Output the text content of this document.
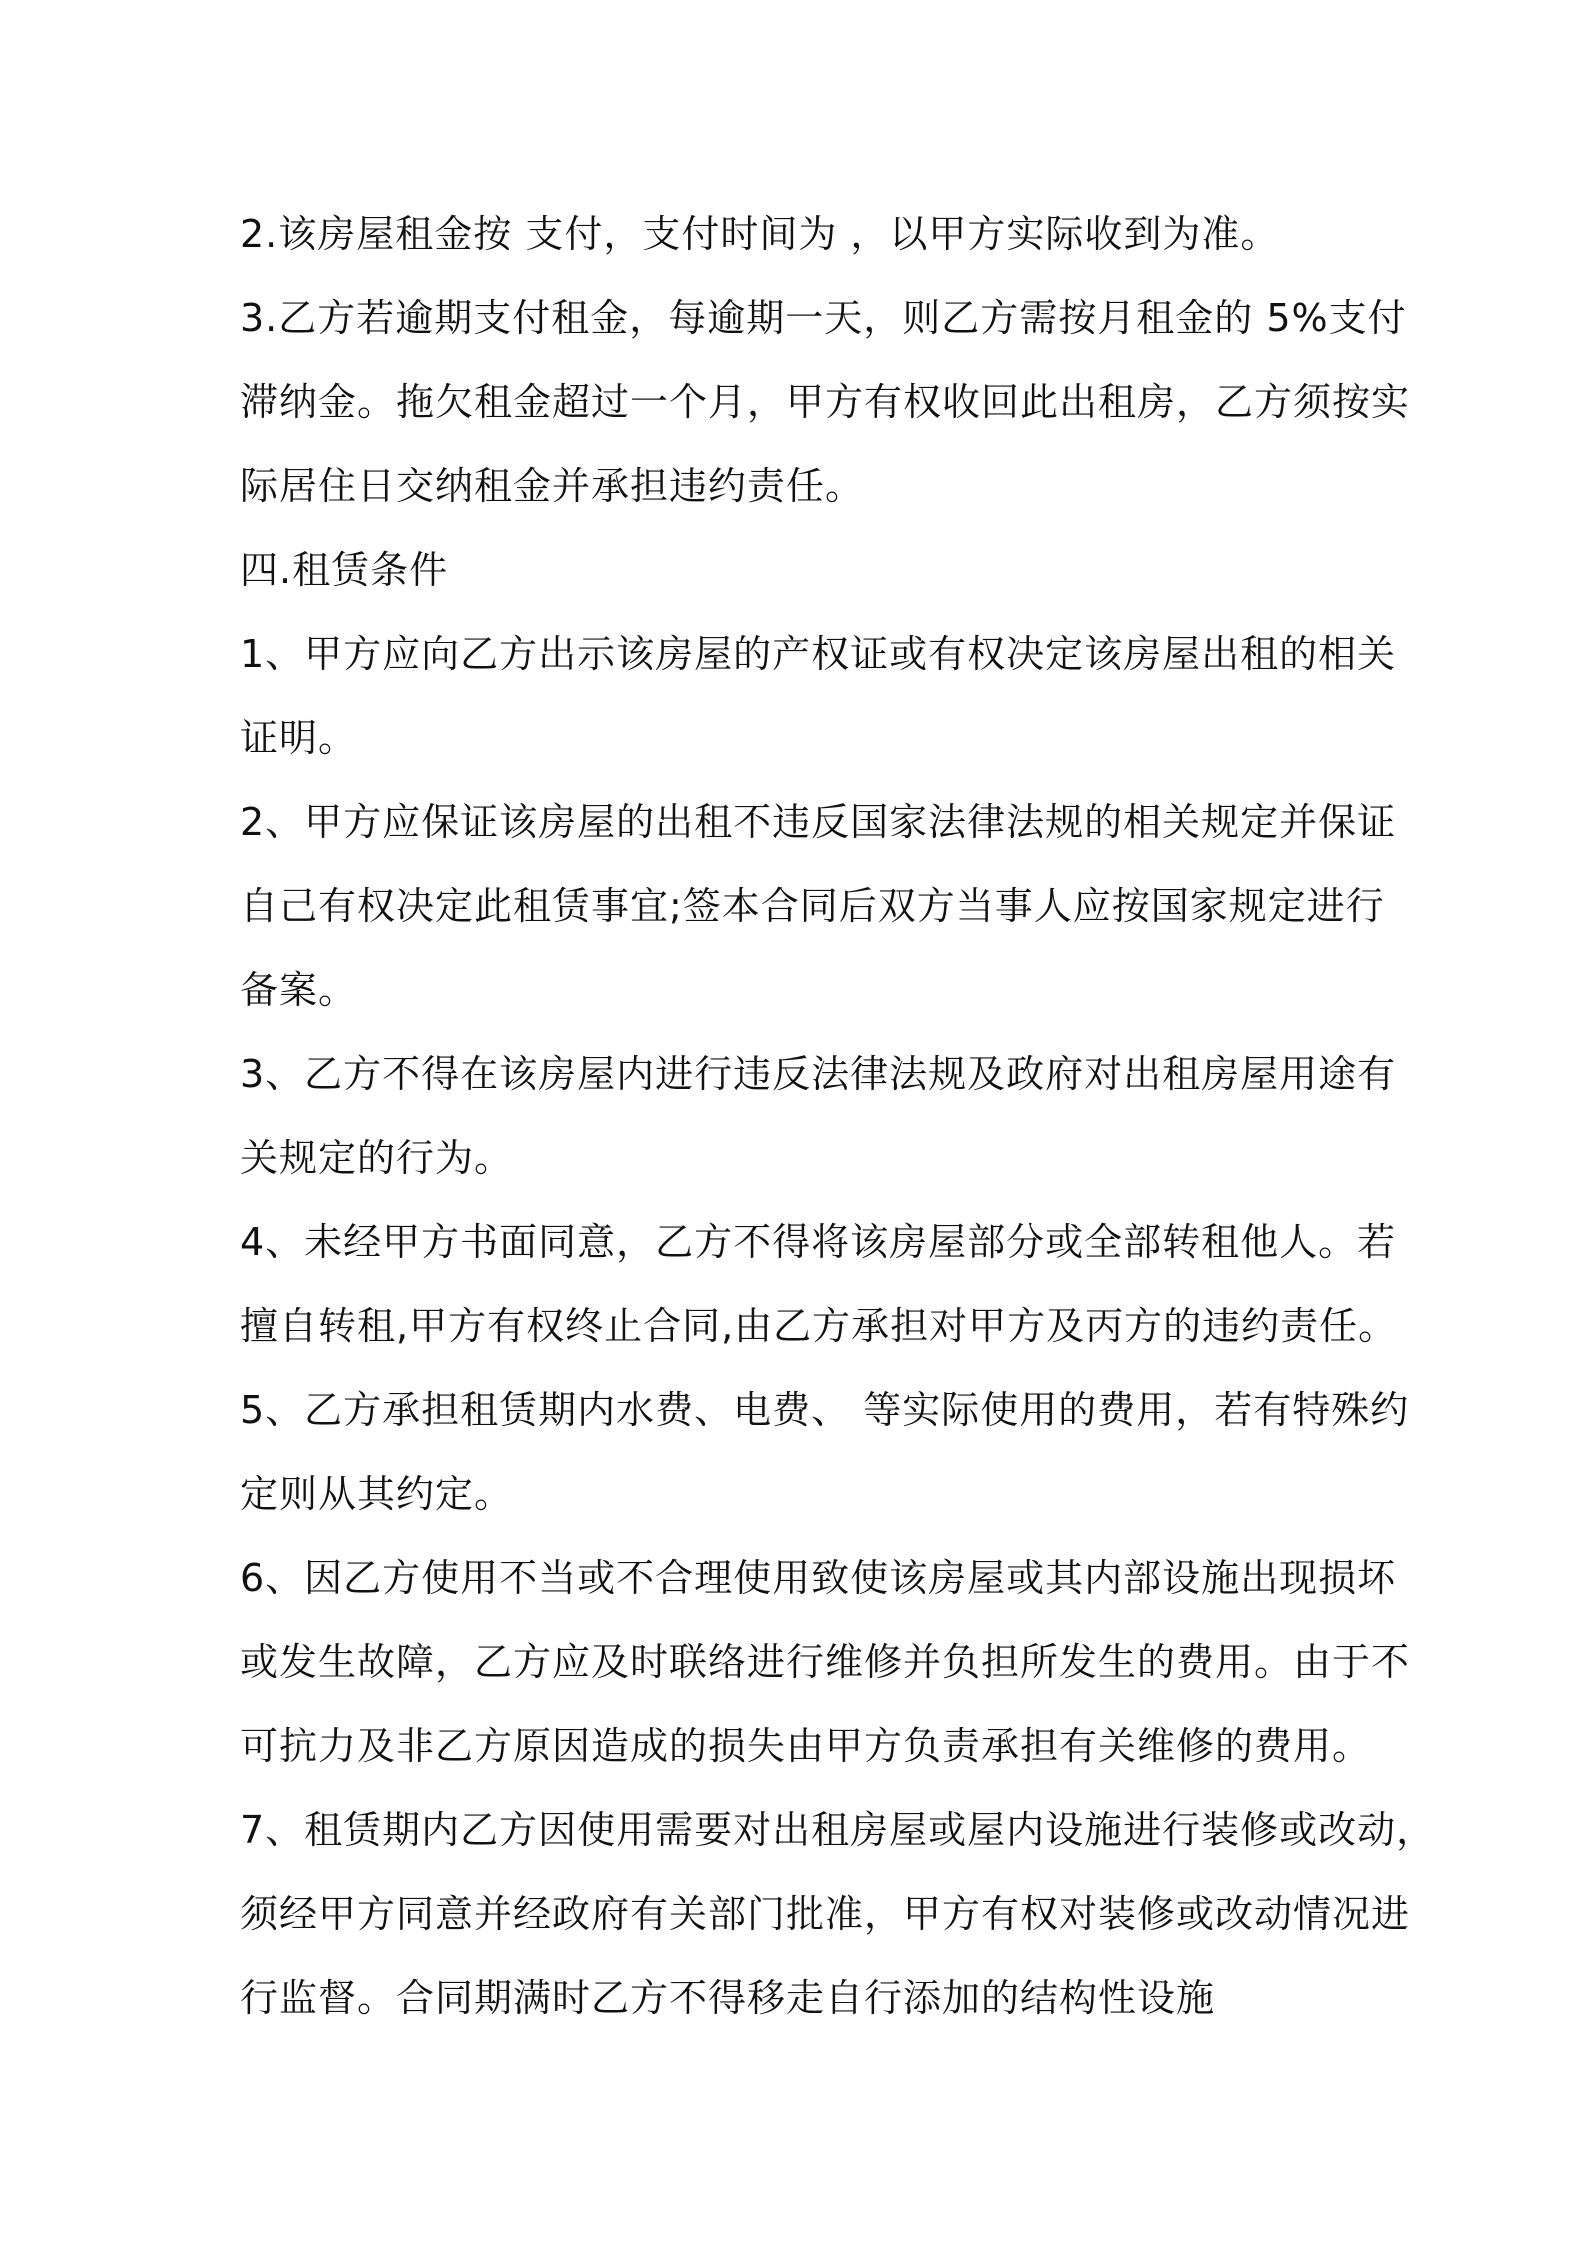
2.该房屋租金按 支付，支付时间为 ，以甲方实际收到为准。
3.乙方若逾期支付租金，每逾期一天，则乙方需按月租金的 5%支付
滞纳金。拖欠租金超过一个月，甲方有权收回此出租房，乙方须按实
际居住日交纳租金并承担违约责任。
四.租赁条件
1、甲方应向乙方出示该房屋的产权证或有权决定该房屋出租的相关
证明。
2、甲方应保证该房屋的出租不违反国家法律法规的相关规定并保证
自己有权决定此租赁事宜;签本合同后双方当事人应按国家规定进行
备案。
3、乙方不得在该房屋内进行违反法律法规及政府对出租房屋用途有
关规定的行为。
4、未经甲方书面同意，乙方不得将该房屋部分或全部转租他人。若
擅自转租,甲方有权终止合同,由乙方承担对甲方及丙方的违约责任。
5、乙方承担租赁期内水费、电费、 等实际使用的费用，若有特殊约
定则从其约定。
6、因乙方使用不当或不合理使用致使该房屋或其内部设施出现损坏
或发生故障，乙方应及时联络进行维修并负担所发生的费用。由于不
可抗力及非乙方原因造成的损失由甲方负责承担有关维修的费用。
7、租赁期内乙方因使用需要对出租房屋或屋内设施进行装修或改动，
须经甲方同意并经政府有关部门批准，甲方有权对装修或改动情况进
行监督。合同期满时乙方不得移走自行添加的结构性设施
